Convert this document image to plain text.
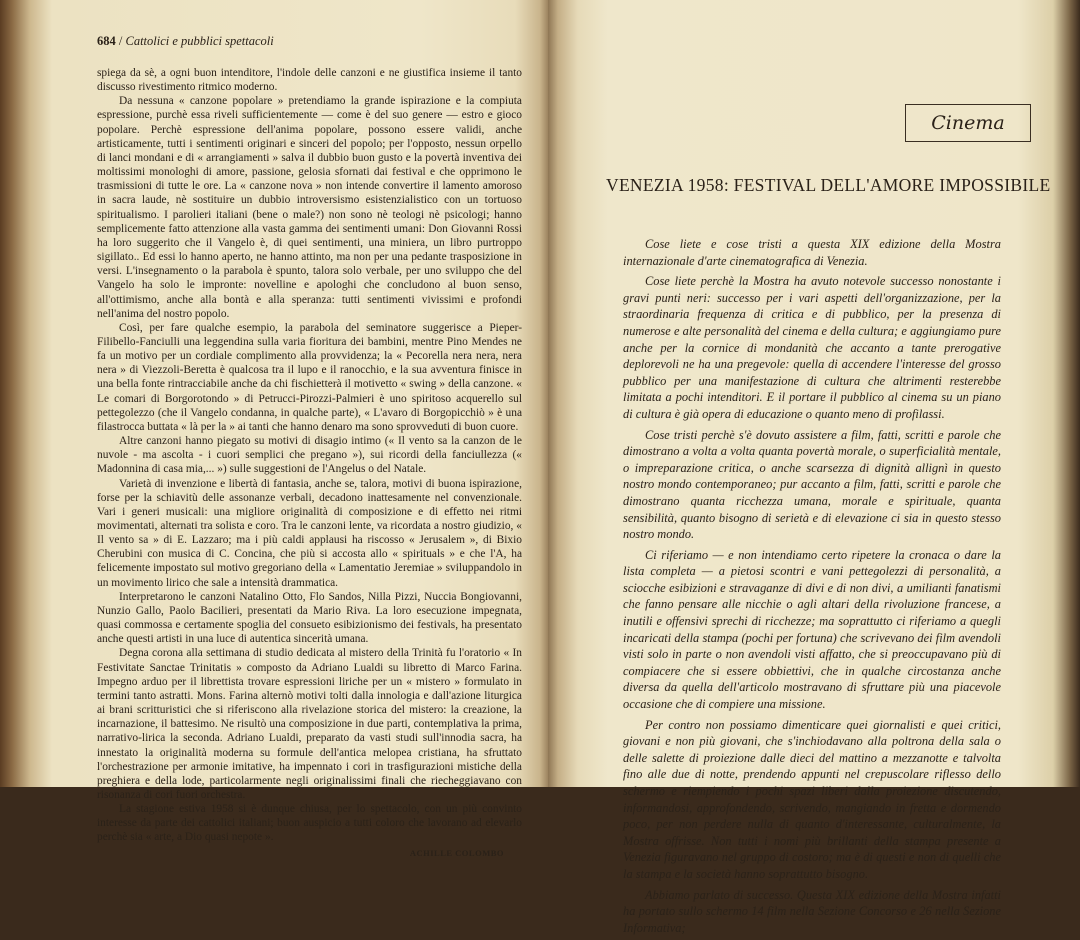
684 / Cattolici e pubblici spettacoli

spiega da sè, a ogni buon intenditore, l'indole delle canzoni e ne giustifica insieme il tanto discusso rivestimento ritmico moderno.

Da nessuna « canzone popolare » pretendiamo la grande ispirazione e la compiuta espressione, purchè essa riveli sufficientemente — come è del suo genere — estro e gioco popolare. Perchè espressione dell'anima popolare, possono essere validi, anche artisticamente, tutti i sentimenti originari e sinceri del popolo; per l'opposto, nessun orpello di lanci mondani e di « arrangiamenti » salva il dubbio buon gusto e la povertà inventiva dei moltissimi monologhi di amore, passione, gelosia sfornati dai festival e che opprimono le trasmissioni di tutte le ore. La « canzone nova » non intende convertire il lamento amoroso in sacra laude, nè sostituire un dubbio introversismo esistenzialistico con un tortuoso spiritualismo. I parolieri italiani (bene o male?) non sono nè teologi nè psicologi; hanno semplicemente fatto attenzione alla vasta gamma dei sentimenti umani: Don Giovanni Rossi ha loro suggerito che il Vangelo è, di quei sentimenti, una miniera, un libro purtroppo sigillato.. Ed essi lo hanno aperto, ne hanno attinto, ma non per una pedante trasposizione in versi. L'insegnamento o la parabola è spunto, talora solo verbale, per uno sviluppo che del Vangelo ha solo le impronte: novelline e apologhi che concludono al buon senso, all'ottimismo, anche alla bontà e alla speranza: tutti sentimenti vivissimi e profondi nell'anima del nostro popolo.

Così, per fare qualche esempio, la parabola del seminatore suggerisce a Pieper-Filibello-Fanciulli una leggendina sulla varia fioritura dei bambini, mentre Pino Mendes ne fa un motivo per un cordiale complimento alla provvidenza; la « Pecorella nera nera, nera nera » di Viezzoli-Beretta è qualcosa tra il lupo e il ranocchio, e la sua avventura finisce in una bella fonte rintracciabile anche da chi fischietterà il motivetto « swing » della canzone. « Le comari di Borgorotondo » di Petrucci-Pirozzi-Palmieri è uno spiritoso acquerello sul pettegolezzo (che il Vangelo condanna, in qualche parte), « L'avaro di Borgopicchiò » è una filastrocca buttata « là per la » ai tanti che hanno denaro ma sono sprovveduti di buon cuore.

Altre canzoni hanno piegato su motivi di disagio intimo (« Il vento sa la canzon de le nuvole - ma ascolta - i cuori semplici che pregano »), sui ricordi della fanciullezza (« Madonnina di casa mia,... ») sulle suggestioni de l'Angelus o del Natale.

Varietà di invenzione e libertà di fantasia, anche se, talora, motivi di buona ispirazione, forse per la schiavitù delle assonanze verbali, decadono inattesamente nel convenzionale. Vari i generi musicali: una migliore originalità di composizione e di effetto nei ritmi movimentati, alternati tra solista e coro. Tra le canzoni lente, va ricordata a nostro giudizio, « Il vento sa » di E. Lazzaro; ma i più caldi applausi ha riscosso « Jerusalem », di Bixio Cherubini con musica di C. Concina, che più si accosta allo « spirituals » e che l'A, ha felicemente impostato sul motivo gregoriano della « Lamentatio Jeremiae » sviluppandolo in un movimento lirico che sale a intensità drammatica.

Interpretarono le canzoni Natalino Otto, Flo Sandos, Nilla Pizzi, Nuccia Bongiovanni, Nunzio Gallo, Paolo Bacilieri, presentati da Mario Riva. La loro esecuzione impegnata, quasi commossa e certamente spoglia del consueto esibizionismo dei festivals, ha presentato anche questi artisti in una luce di autentica sincerità umana.

Degna corona alla settimana di studio dedicata al mistero della Trinità fu l'oratorio « In Festivitate Sanctae Trinitatis » composto da Adriano Lualdi su libretto di Marco Farina. Impegno arduo per il librettista trovare espressioni liriche per un « mistero » formulato in termini tanto astratti. Mons. Farina alternò motivi tolti dalla innologia e dall'azione liturgica ai brani scritturistici che si riferiscono alla rivelazione storica del mistero: la creazione, la incarnazione, il battesimo. Ne risultò una composizione in due parti, contemplativa la prima, narrativo-lirica la seconda. Adriano Lualdi, preparato da vasti studi sull'innodia sacra, ha innestato la originalità moderna su formule dell'antica melopea cristiana, ha sfruttato l'orchestrazione per armonie imitative, ha impennato i cori in trasfigurazioni mistiche della preghiera e della lode, particolarmente negli originalissimi finali che riecheggiavano con risonanza di cori fuori orchestra.

La stagione estiva 1958 si è dunque chiusa, per lo spettacolo, con un più convinto interesse da parte dei cattolici italiani; buon auspicio a tutti coloro che lavorano ad elevarlo perchè sia « arte, a Dio quasi nepote ».

ACHILLE COLOMBO
Cinema
VENEZIA 1958: FESTIVAL DELL'AMORE IMPOSSIBILE

Cose liete e cose tristi a questa XIX edizione della Mostra internazionale d'arte cinematografica di Venezia.

Cose liete perchè la Mostra ha avuto notevole successo nonostante i gravi punti neri: successo per i vari aspetti dell'organizzazione, per la straordinaria frequenza di critica e di pubblico, per la presenza di numerose e alte personalità del cinema e della cultura; e aggiungiamo pure anche per la cornice di mondanità che accanto a tante prerogative deplorevoli ne ha una pregevole: quella di accendere l'interesse del grosso pubblico per una manifestazione di cultura che altrimenti resterebbe limitata a pochi intenditori. E il portare il pubblico al cinema su un piano di cultura è già opera di educazione o quanto meno di profilassi.

Cose tristi perchè s'è dovuto assistere a film, fatti, scritti e parole che dimostrano a volta a volta quanta povertà morale, o superficialità mentale, o impreparazione critica, o anche scarsezza di dignità allignì in questo nostro mondo contemporaneo; pur accanto a film, fatti, scritti e parole che dimostrano quanta ricchezza umana, morale e spirituale, quanta sensibilità, quanto bisogno di serietà e di elevazione ci sia in questo stesso nostro mondo.

Ci riferiamo — e non intendiamo certo ripetere la cronaca o dare la lista completa — a pietosi scontri e vani pettegolezzi di personalità, a sciocche esibizioni e stravaganze di divi e di non divi, a umilianti fanatismi che fanno pensare alle nicchie o agli altari della rivoluzione francese, a inutili e offensivi sprechi di ricchezze; ma soprattutto ci riferiamo a quegli incaricati della stampa (pochi per fortuna) che scrivevano dei film avendoli visti solo in parte o non avendoli visti affatto, che si preoccupavano più di compiacere che si essere obbiettivi, che in qualche circostanza anche diversa da quella dell'articolo mostravano di sfruttare più una piacevole occasione che di compiere una missione.

Per contro non possiamo dimenticare quei giornalisti e quei critici, giovani e non più giovani, che s'inchiodavano alla poltrona della sala o delle salette di proiezione dalle dieci del mattino a mezzanotte e talvolta fino alle due di notte, prendendo appunti nel crepuscolare riflesso dello schermo e riempiendo i pochi spazi liberi dalla proiezione discutendo, informandosi, approfondendo, scrivendo, mangiando in fretta e dormendo poco, per non perdere nulla di quanto d'interessante, culturalmente, la Mostra offrisse. Non tutti i nomi più brillanti della stampa presente a Venezia figuravano nel gruppo di costoro; ma è di questi e non di quelli che la stampa e la società hanno soprattutto bisogno.

Abbiamo parlato di successo. Questa XIX edizione della Mostra infatti ha portato sullo schermo 14 film nella Sezione Concorso e 26 nella Sezione Informativa;
